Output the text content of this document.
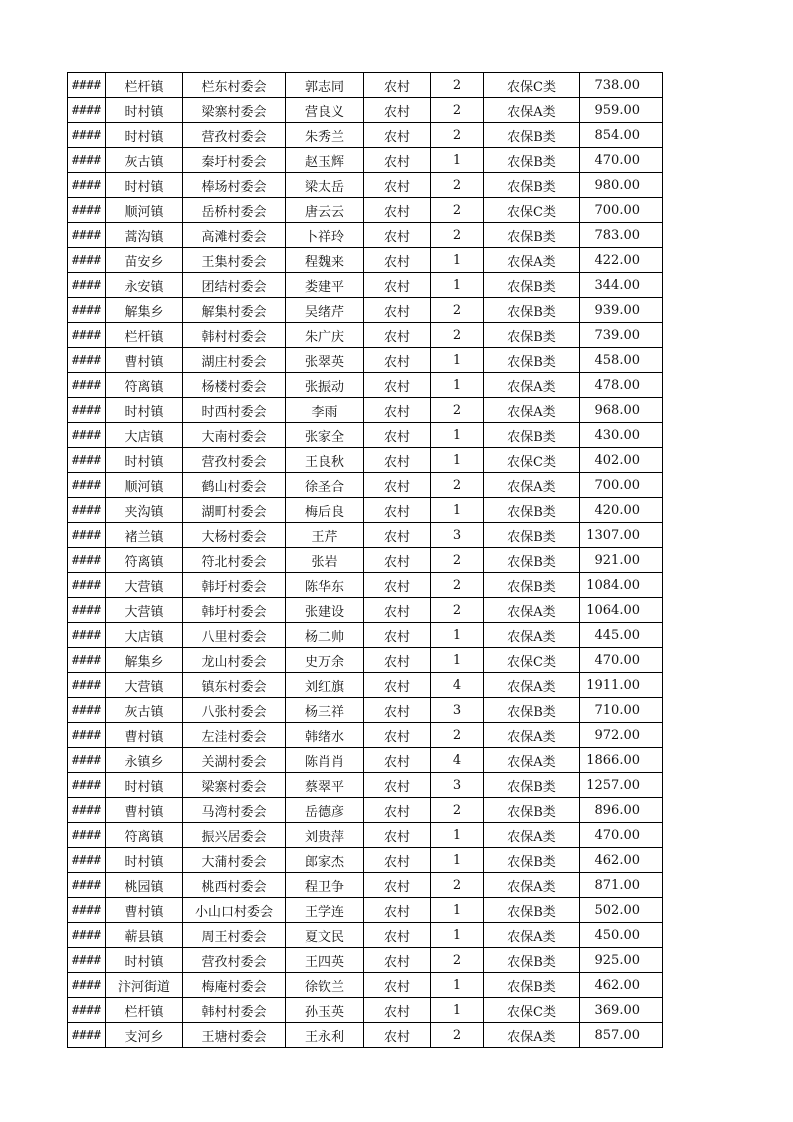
####	栏杆镇	栏东村委会	郭志同	农村	2	农保C类	738.00
####	时村镇	梁寨村委会	营良义	农村	2	农保A类	959.00
####	时村镇	营孜村委会	朱秀兰	农村	2	农保B类	854.00
####	灰古镇	秦圩村委会	赵玉辉	农村	1	农保B类	470.00
####	时村镇	棒场村委会	梁太岳	农村	2	农保B类	980.00
####	顺河镇	岳桥村委会	唐云云	农村	2	农保C类	700.00
####	蒿沟镇	高滩村委会	卜祥玲	农村	2	农保B类	783.00
####	苗安乡	王集村委会	程魏来	农村	1	农保A类	422.00
####	永安镇	团结村委会	娄建平	农村	1	农保B类	344.00
####	解集乡	解集村委会	吴绪芹	农村	2	农保B类	939.00
####	栏杆镇	韩村村委会	朱广庆	农村	2	农保B类	739.00
####	曹村镇	湖庄村委会	张翠英	农村	1	农保B类	458.00
####	符离镇	杨楼村委会	张振动	农村	1	农保A类	478.00
####	时村镇	时西村委会	李雨	农村	2	农保A类	968.00
####	大店镇	大南村委会	张家全	农村	1	农保B类	430.00
####	时村镇	营孜村委会	王良秋	农村	1	农保C类	402.00
####	顺河镇	鹤山村委会	徐圣合	农村	2	农保A类	700.00
####	夹沟镇	湖町村委会	梅后良	农村	1	农保B类	420.00
####	褚兰镇	大杨村委会	王芹	农村	3	农保B类	1307.00
####	符离镇	符北村委会	张岩	农村	2	农保B类	921.00
####	大营镇	韩圩村委会	陈华东	农村	2	农保B类	1084.00
####	大营镇	韩圩村委会	张建设	农村	2	农保A类	1064.00
####	大店镇	八里村委会	杨二帅	农村	1	农保A类	445.00
####	解集乡	龙山村委会	史万余	农村	1	农保C类	470.00
####	大营镇	镇东村委会	刘红旗	农村	4	农保A类	1911.00
####	灰古镇	八张村委会	杨三祥	农村	3	农保B类	710.00
####	曹村镇	左洼村委会	韩绪水	农村	2	农保A类	972.00
####	永镇乡	关湖村委会	陈肖肖	农村	4	农保A类	1866.00
####	时村镇	梁寨村委会	蔡翠平	农村	3	农保B类	1257.00
####	曹村镇	马湾村委会	岳德彦	农村	2	农保B类	896.00
####	符离镇	振兴居委会	刘贵萍	农村	1	农保A类	470.00
####	时村镇	大蒲村委会	郎家杰	农村	1	农保B类	462.00
####	桃园镇	桃西村委会	程卫争	农村	2	农保A类	871.00
####	曹村镇	小山口村委会	王学连	农村	1	农保B类	502.00
####	蕲县镇	周王村委会	夏文民	农村	1	农保A类	450.00
####	时村镇	营孜村委会	王四英	农村	2	农保B类	925.00
####	汴河街道	梅庵村委会	徐钦兰	农村	1	农保B类	462.00
####	栏杆镇	韩村村委会	孙玉英	农村	1	农保C类	369.00
####	支河乡	王塘村委会	王永利	农村	2	农保A类	857.00
